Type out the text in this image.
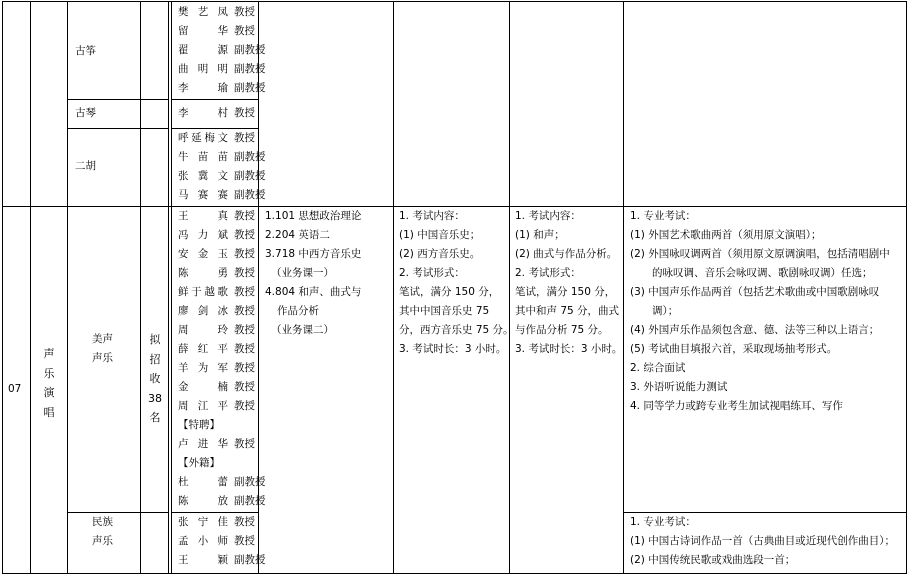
古筝
古琴
二胡
樊艺凤 教授
留 华 教授
翟 源 副教授
曲明明 副教授
李 瑜 副教授
李 村 教授
呼延梅文 教授
牛苗苗 副教授
张冀文 副教授
马赛赛 副教授
07
声乐演唱
美声
声乐
民族
声乐
拟招收38名
王 真 教授
冯力斌 教授
安金玉 教授
陈 勇 教授
鲜于越歌 教授
廖剑冰 教授
周 玲 教授
薛红平 教授
羊为军 教授
金 楠 教授
周江平 教授
【特聘】
卢进华 教授
【外籍】
杜 蕾 副教授
陈 放 副教授
张宁佳 教授
孟小师 教授
王 颖 副教授
1.101 思想政治理论
2.204 英语二
3.718 中西方音乐史
（业务课一）
4.804 和声、曲式与
作品分析
（业务课二）
1. 考试内容：
(1) 中国音乐史；
(2) 西方音乐史。
2. 考试形式：
笔试，满分 150 分，
其中中国音乐史 75
分，西方音乐史 75 分。
3. 考试时长：3 小时。
1. 考试内容：
(1) 和声；
(2) 曲式与作品分析。
2. 考试形式：
笔试，满分 150 分，
其中和声 75 分，曲式
与作品分析 75 分。
3. 考试时长：3 小时。
1. 专业考试：
(1) 外国艺术歌曲两首（须用原文演唱）；
(2) 外国咏叹调两首（须用原文原调演唱，包括清唱剧中
的咏叹调、音乐会咏叹调、歌剧咏叹调）任选；
(3) 中国声乐作品两首（包括艺术歌曲或中国歌剧咏叹
调）；
(4) 外国声乐作品须包含意、德、法等三种以上语言；
(5) 考试曲目填报六首，采取现场抽考形式。
2. 综合面试
3. 外语听说能力测试
4. 同等学力或跨专业考生加试视唱练耳、写作
1. 专业考试：
(1) 中国古诗词作品一首（古典曲目或近现代创作曲目）；
(2) 中国传统民歌或戏曲选段一首；
